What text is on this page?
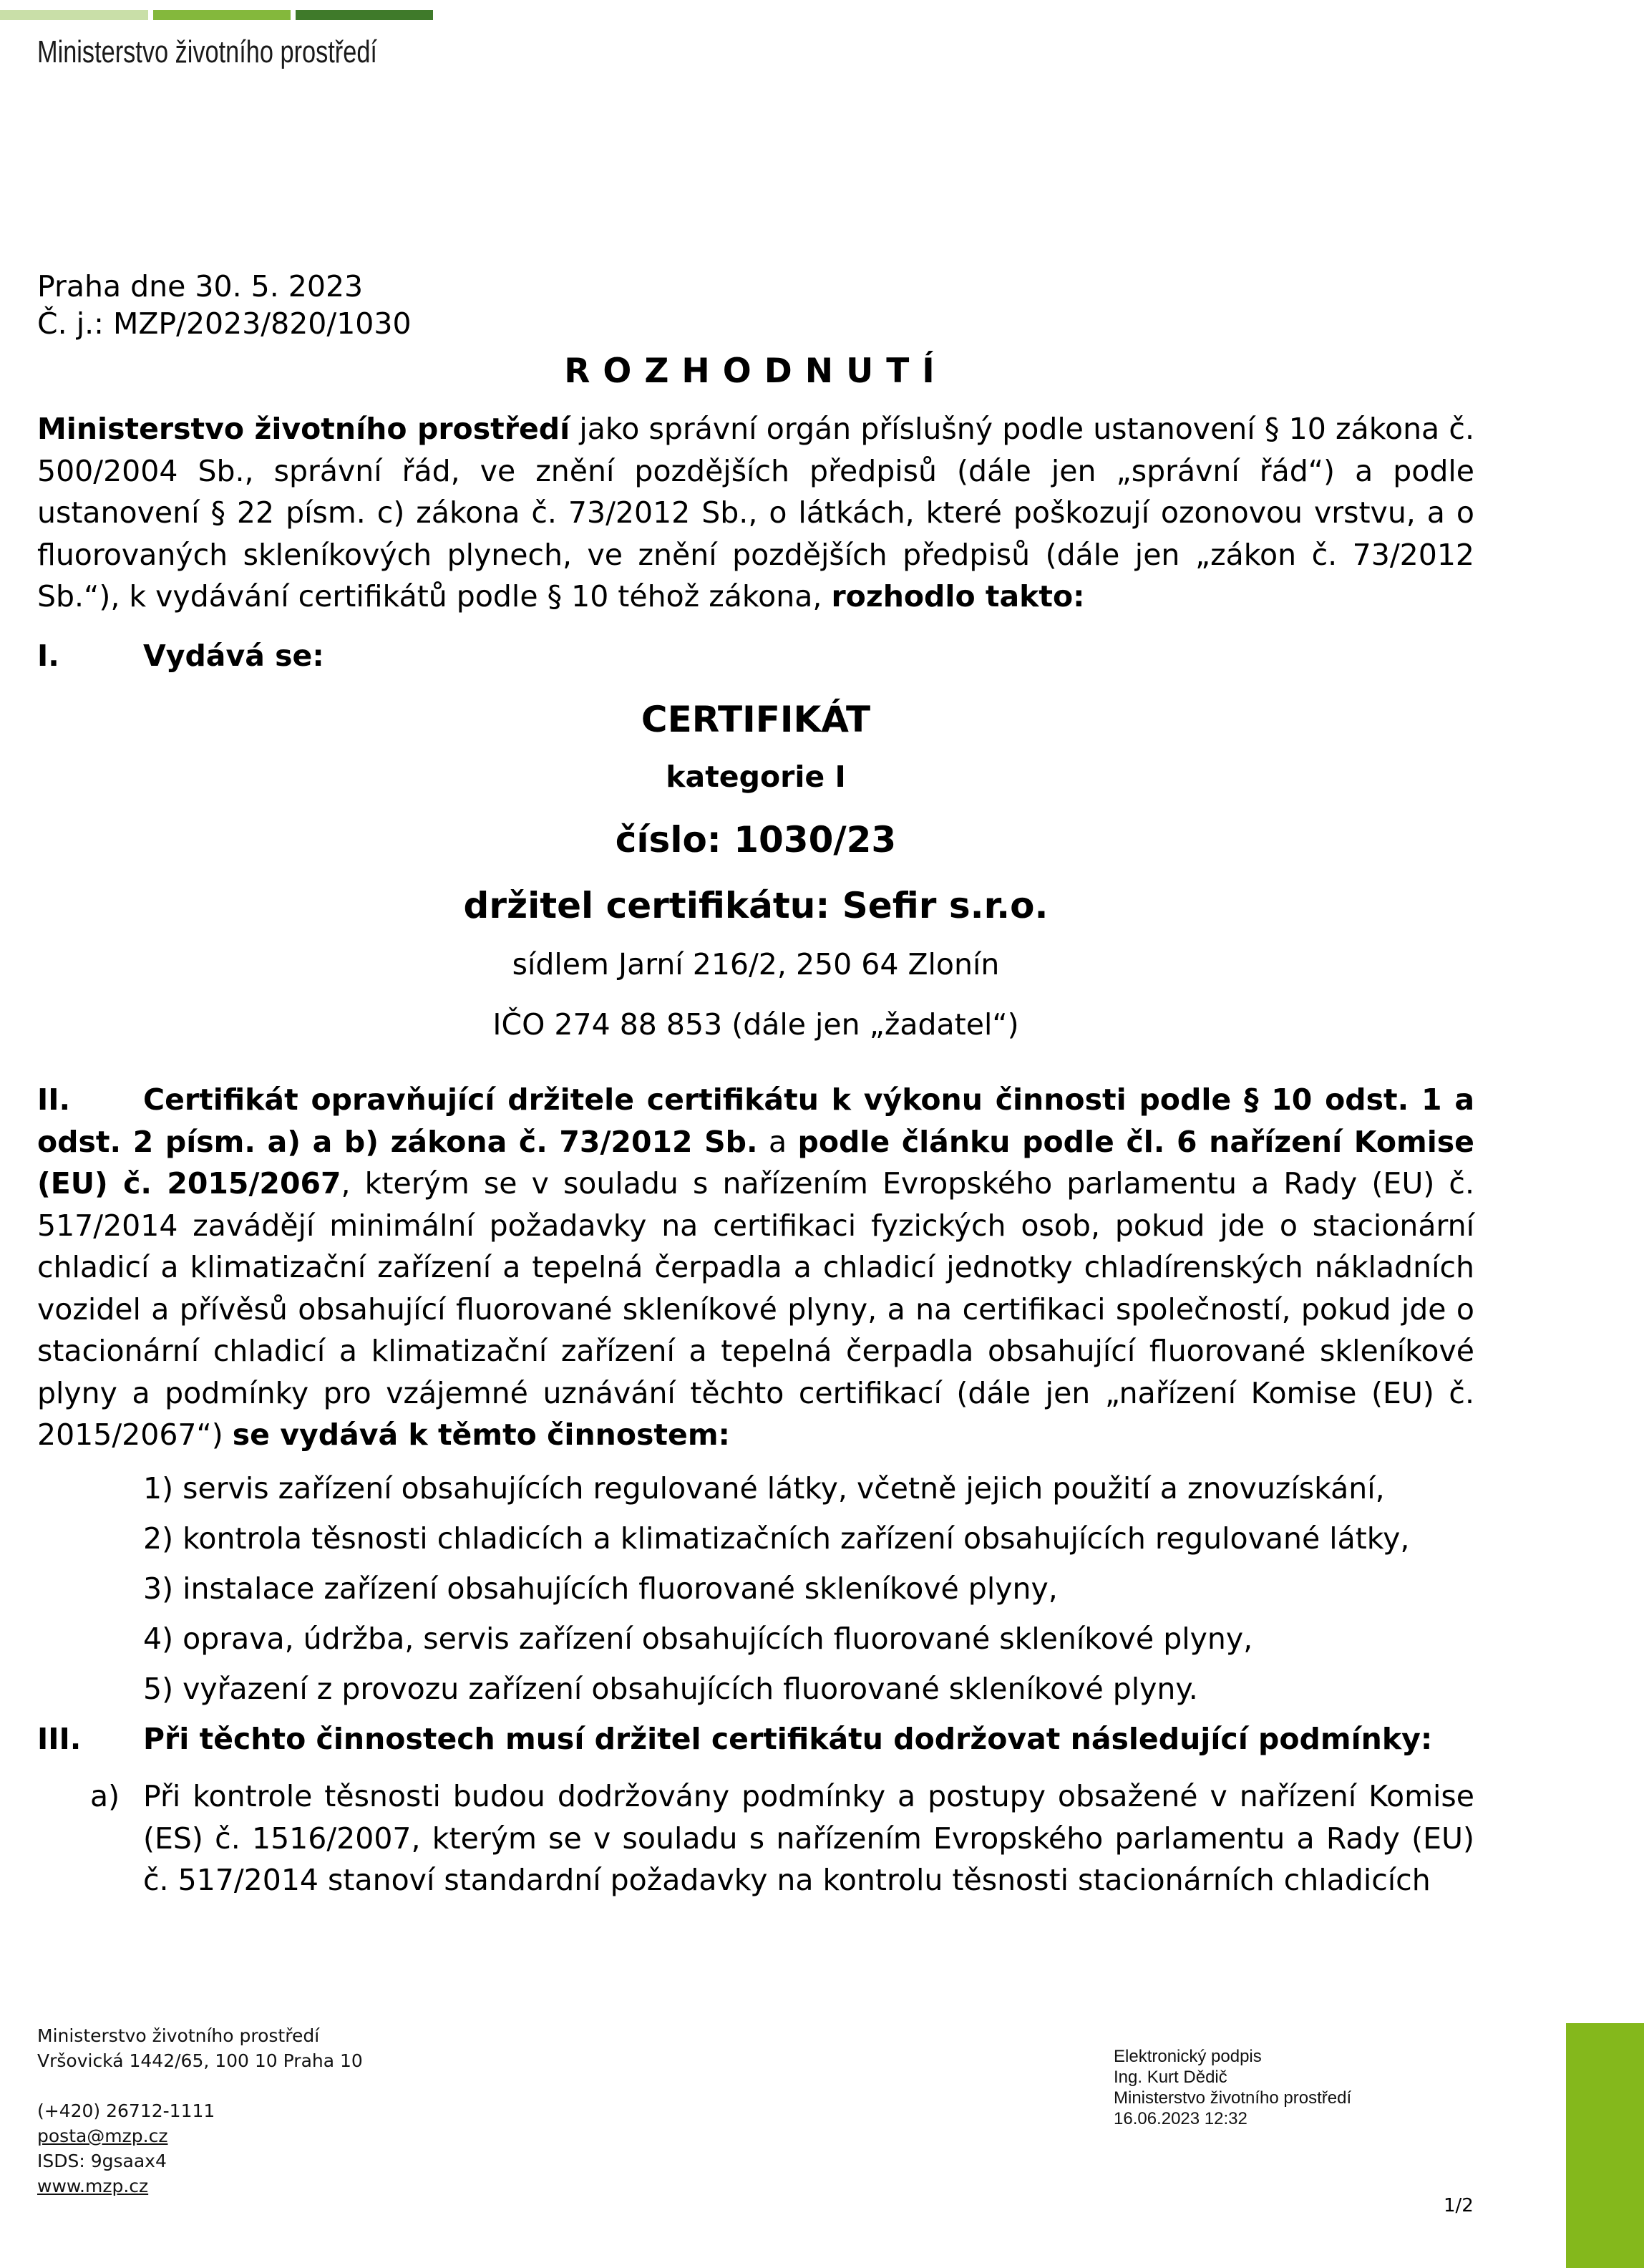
Ministerstvo životního prostředí

Praha dne 30. 5. 2023

Č. j.: MZP/2023/820/1030

ROZHODNUTÍ

Ministerstvo životního prostředí jako správní orgán příslušný podle ustanovení § 10 zákona č. 500/2004 Sb., správní řád, ve znění pozdějších předpisů (dále jen „správní řád“) a podle ustanovení § 22 písm. c) zákona č. 73/2012 Sb., o látkách, které poškozují ozonovou vrstvu, a o fluorovaných skleníkových plynech, ve znění pozdějších předpisů (dále jen „zákon č. 73/2012 Sb.“), k vydávání certifikátů podle § 10 téhož zákona, rozhodlo takto:

I.	Vydává se:

CERTIFIKÁT

kategorie I

číslo: 1030/23

držitel certifikátu: Sefir s.r.o.

sídlem Jarní 216/2, 250 64 Zlonín

IČO 274 88 853 (dále jen „žadatel“)

II. Certifikát opravňující držitele certifikátu k výkonu činnosti podle § 10 odst. 1 a odst. 2 písm. a) a b) zákona č. 73/2012 Sb. a podle článku podle čl. 6 nařízení Komise (EU) č. 2015/2067, kterým se v souladu s nařízením Evropského parlamentu a Rady (EU) č. 517/2014 zavádějí minimální požadavky na certifikaci fyzických osob, pokud jde o stacionární chladicí a klimatizační zařízení a tepelná čerpadla a chladicí jednotky chladírenských nákladních vozidel a přívěsů obsahující fluorované skleníkové plyny, a na certifikaci společností, pokud jde o stacionární chladicí a klimatizační zařízení a tepelná čerpadla obsahující fluorované skleníkové plyny a podmínky pro vzájemné uznávání těchto certifikací (dále jen „nařízení Komise (EU) č. 2015/2067“) se vydává k těmto činnostem:
1) servis zařízení obsahujících regulované látky, včetně jejich použití a znovuzískání,
2) kontrola těsnosti chladicích a klimatizačních zařízení obsahujících regulované látky,
3) instalace zařízení obsahujících fluorované skleníkové plyny,
4) oprava, údržba, servis zařízení obsahujících fluorované skleníkové plyny,
5) vyřazení z provozu zařízení obsahujících fluorované skleníkové plyny.
III. Při těchto činnostech musí držitel certifikátu dodržovat následující podmínky:
a) Při kontrole těsnosti budou dodržovány podmínky a postupy obsažené v nařízení Komise (ES) č. 1516/2007, kterým se v souladu s nařízením Evropského parlamentu a Rady (EU) č. 517/2014 stanoví standardní požadavky na kontrolu těsnosti stacionárních chladicích
Ministerstvo životního prostředí
Vršovická 1442/65, 100 10 Praha 10
(+420) 26712-1111
posta@mzp.cz
ISDS: 9gsaax4
www.mzp.cz
Elektronický podpis
Ing. Kurt Dědič
Ministerstvo životního prostředí
16.06.2023 12:32
1/2
